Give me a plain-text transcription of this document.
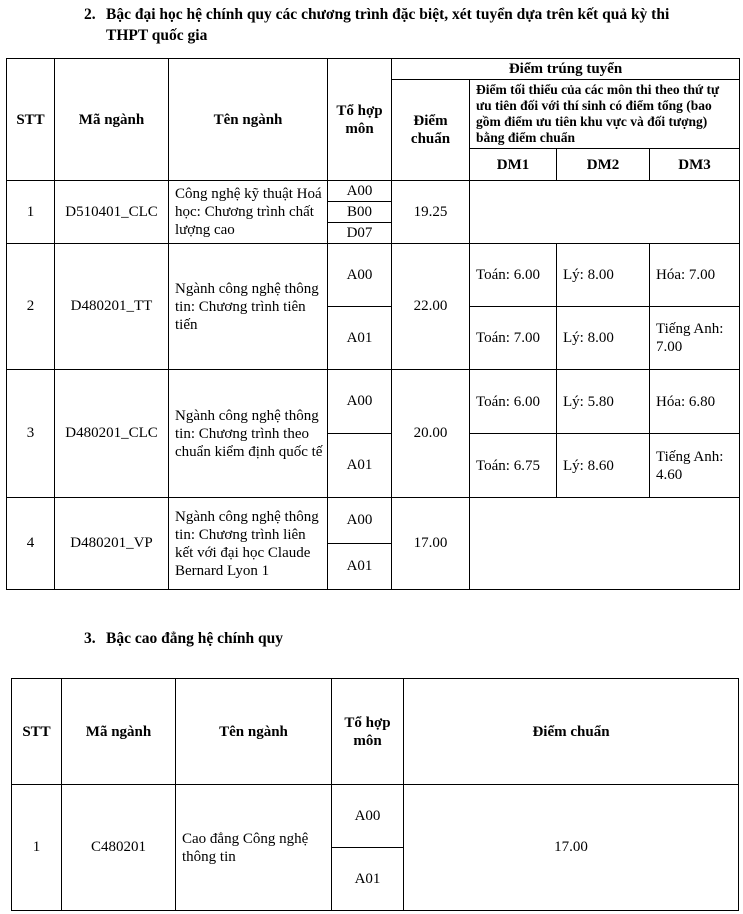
2. Bậc đại học hệ chính quy các chương trình đặc biệt, xét tuyển dựa trên kết quả kỳ thi
THPT quốc gia
STT	Mã ngành	Tên ngành	Tổ hợp môn	Điểm trúng tuyển			
				Điểm chuẩn	Điểm tối thiểu của các môn thi theo thứ tự ưu tiên đối với thí sinh có điểm tổng (bao gồm điểm ưu tiên khu vực và đối tượng) bằng điểm chuẩn		
					DM1	DM2	DM3
1	D510401_CLC	Công nghệ kỹ thuật Hoá học: Chương trình chất lượng cao	A00	19.25			
			B00				
			D07				
2	D480201_TT	Ngành công nghệ thông tin: Chương trình tiên tiến	A00	22.00	Toán: 6.00	Lý: 8.00	Hóa: 7.00
			A01		Toán: 7.00	Lý: 8.00	Tiếng Anh: 7.00
3	D480201_CLC	Ngành công nghệ thông tin: Chương trình theo chuẩn kiểm định quốc tế	A00	20.00	Toán: 6.00	Lý: 5.80	Hóa: 6.80
			A01		Toán: 6.75	Lý: 8.60	Tiếng Anh: 4.60
4	D480201_VP	Ngành công nghệ thông tin: Chương trình liên kết với đại học Claude Bernard Lyon 1	A00	17.00			
			A01				
3. Bậc cao đẳng hệ chính quy
STT	Mã ngành	Tên ngành	Tổ hợp môn	Điểm chuẩn
1	C480201	Cao đẳng Công nghệ thông tin	A00	17.00
			A01	
